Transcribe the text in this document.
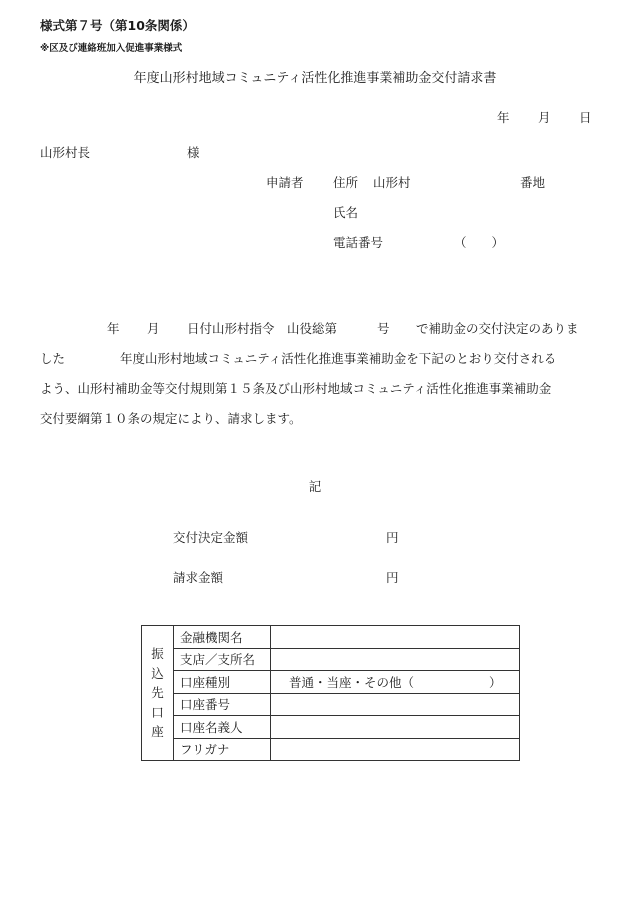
様式第７号（第10条関係）
※区及び連絡班加入促進事業様式
年度山形村地域コミュニティ活性化推進事業補助金交付請求書
年 月 日
山形村長	様
申請者 住所 山形村	番地
氏名
電話番号	（　　）
年 月 日付山形村指令　山役総第	号 で補助金の交付決定のありま
した	年度山形村地域コミュニティ活性化推進事業補助金を下記のとおり交付される
よう、山形村補助金等交付規則第１５条及び山形村地域コミュニティ活性化推進事業補助金
交付要綱第１０条の規定により、請求します。
記
交付決定金額	円
請求金額	円
振
込
先
口
座	金融機関名	
	支店／支所名	
	口座種別	普通・当座・その他（　　　　　　）
	口座番号	
	口座名義人	
	フリガナ	
